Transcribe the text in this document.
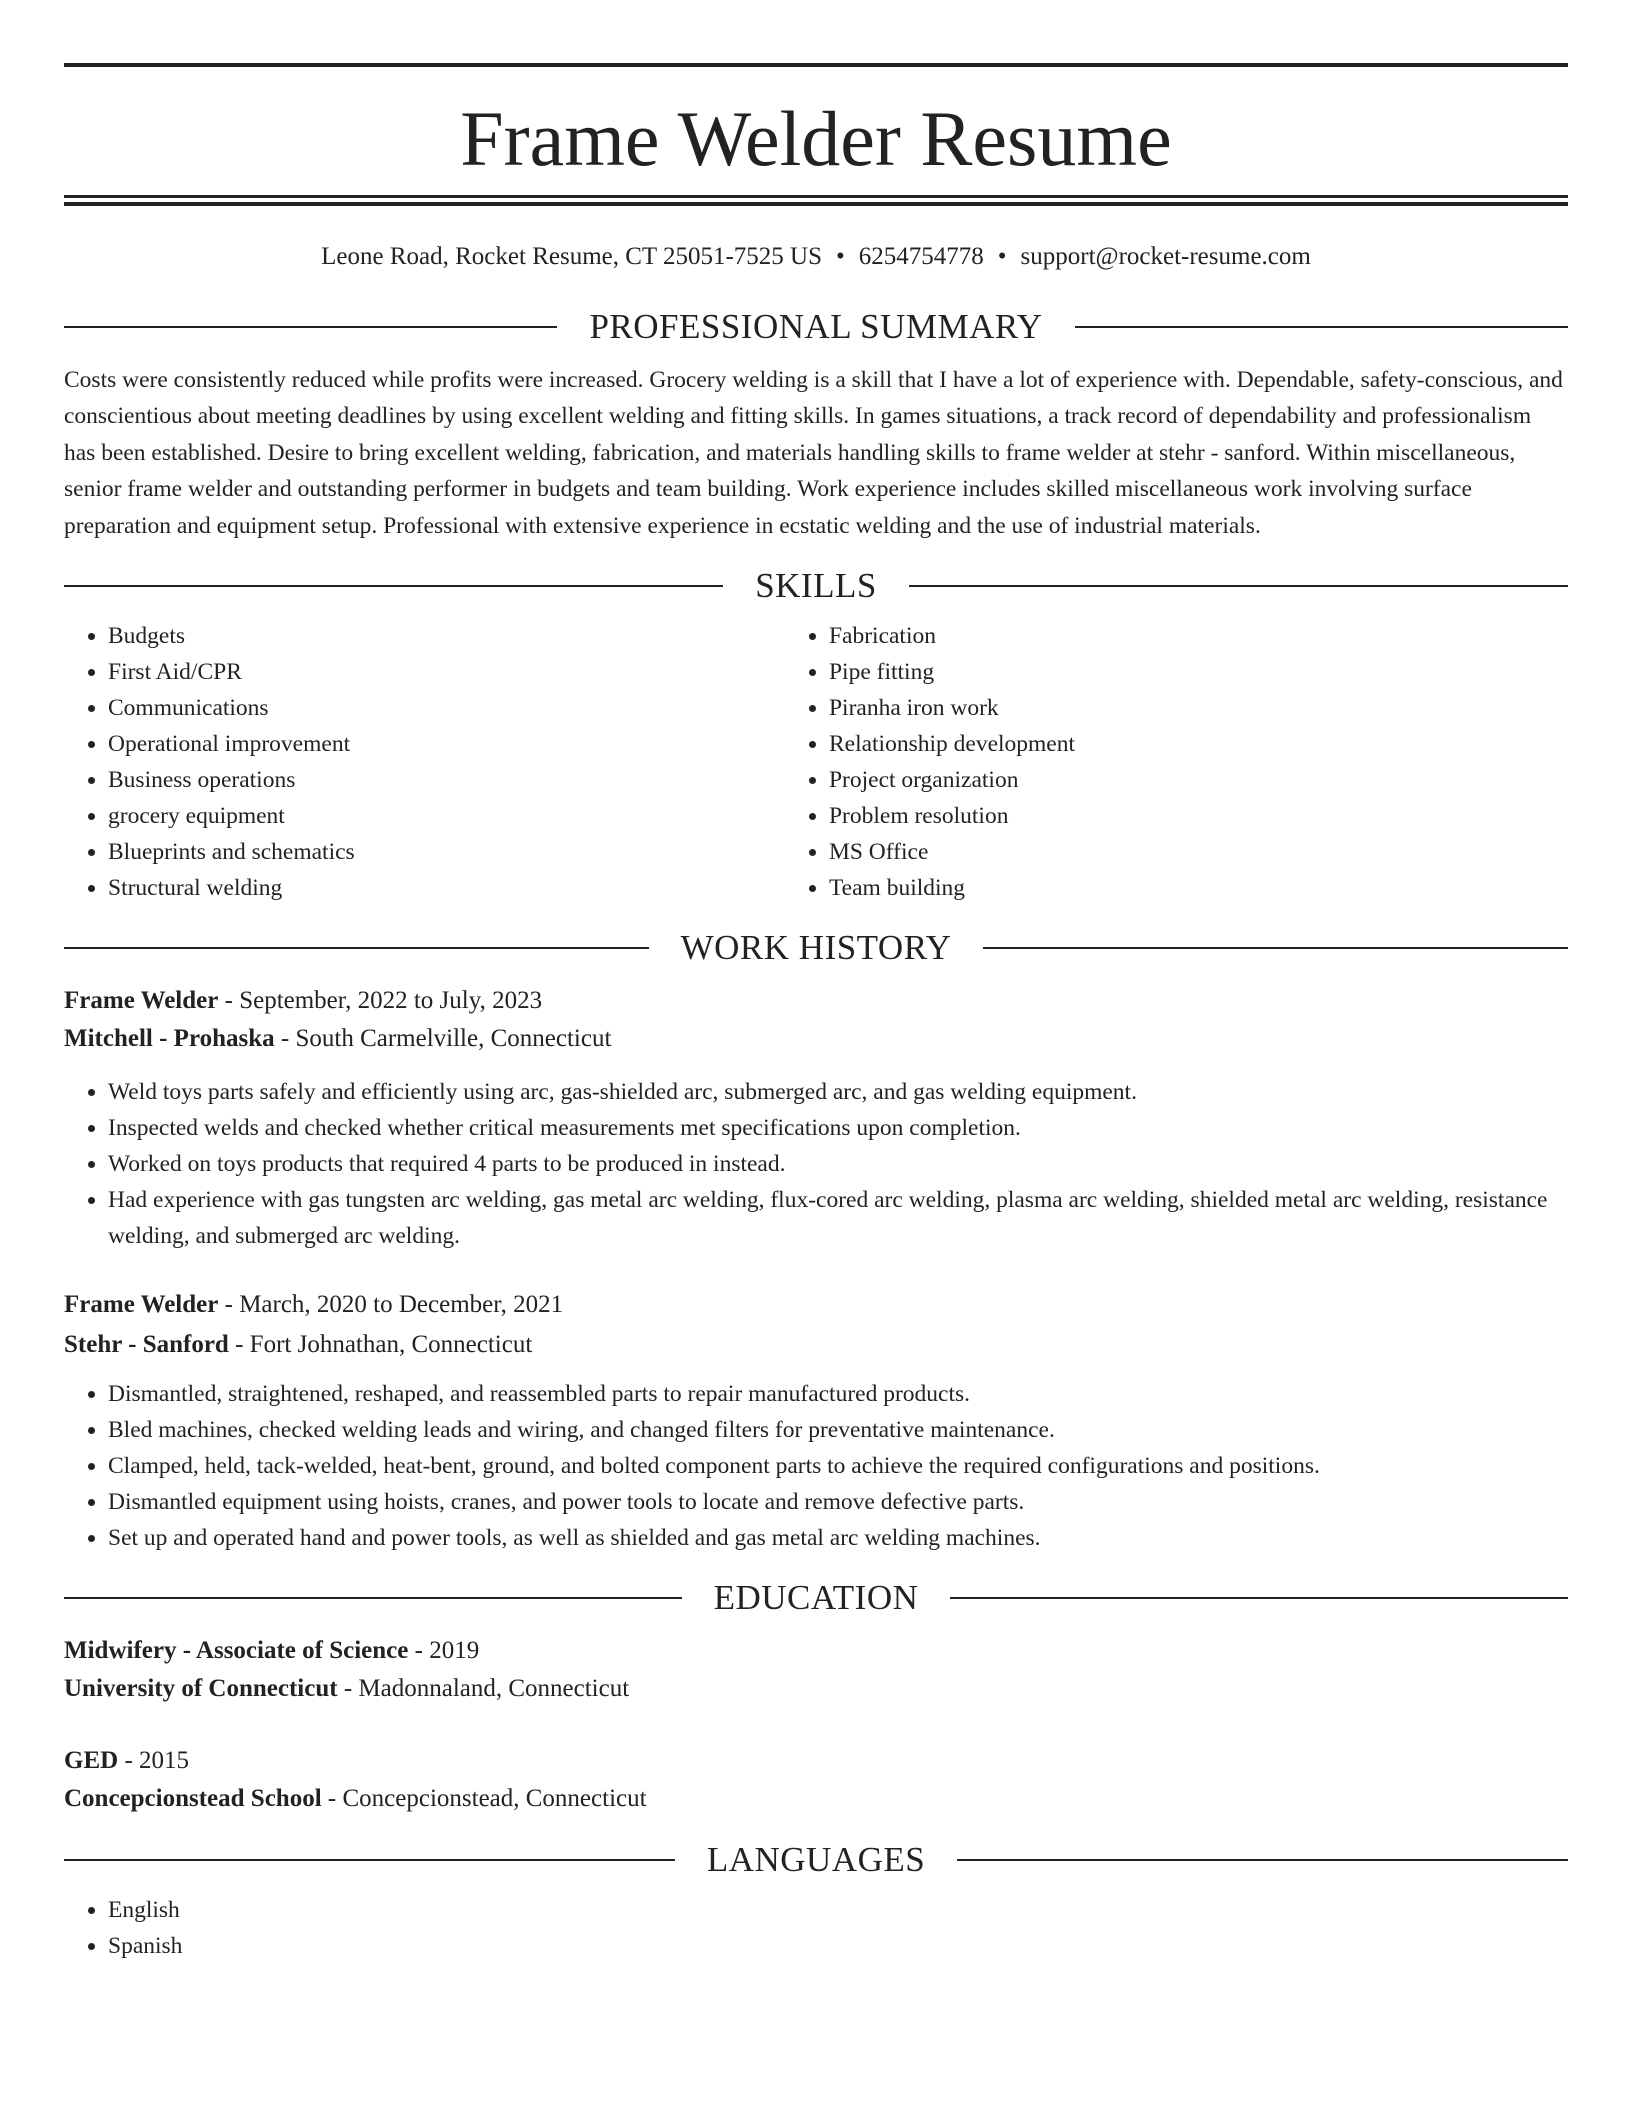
Frame Welder Resume
Leone Road, Rocket Resume, CT 25051-7525 US • 6254754778 • support@rocket-resume.com
PROFESSIONAL SUMMARY

Costs were consistently reduced while profits were increased. Grocery welding is a skill that I have a lot of experience with. Dependable, safety-conscious, and conscientious about meeting deadlines by using excellent welding and fitting skills. In games situations, a track record of dependability and professionalism has been established. Desire to bring excellent welding, fabrication, and materials handling skills to frame welder at stehr - sanford. Within miscellaneous, senior frame welder and outstanding performer in budgets and team building. Work experience includes skilled miscellaneous work involving surface preparation and equipment setup. Professional with extensive experience in ecstatic welding and the use of industrial materials.

SKILLS
• Budgets
• First Aid/CPR
• Communications
• Operational improvement
• Business operations
• grocery equipment
• Blueprints and schematics
• Structural welding
• Fabrication
• Pipe fitting
• Piranha iron work
• Relationship development
• Project organization
• Problem resolution
• MS Office
• Team building
WORK HISTORY
Frame Welder - September, 2022 to July, 2023
Mitchell - Prohaska - South Carmelville, Connecticut
• Weld toys parts safely and efficiently using arc, gas-shielded arc, submerged arc, and gas welding equipment.
• Inspected welds and checked whether critical measurements met specifications upon completion.
• Worked on toys products that required 4 parts to be produced in instead.
• Had experience with gas tungsten arc welding, gas metal arc welding, flux-cored arc welding, plasma arc welding, shielded metal arc welding, resistance welding, and submerged arc welding.
Frame Welder - March, 2020 to December, 2021
Stehr - Sanford - Fort Johnathan, Connecticut
• Dismantled, straightened, reshaped, and reassembled parts to repair manufactured products.
• Bled machines, checked welding leads and wiring, and changed filters for preventative maintenance.
• Clamped, held, tack-welded, heat-bent, ground, and bolted component parts to achieve the required configurations and positions.
• Dismantled equipment using hoists, cranes, and power tools to locate and remove defective parts.
• Set up and operated hand and power tools, as well as shielded and gas metal arc welding machines.
EDUCATION
Midwifery - Associate of Science - 2019
University of Connecticut - Madonnaland, Connecticut
GED - 2015
Concepcionstead School - Concepcionstead, Connecticut
LANGUAGES
• English
• Spanish
